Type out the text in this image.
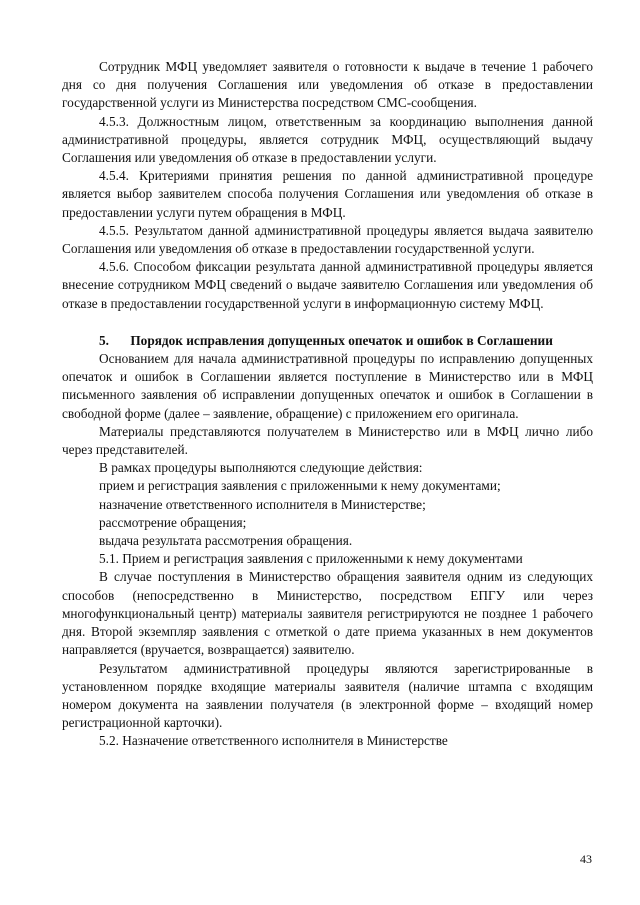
Сотрудник МФЦ уведомляет заявителя о готовности к выдаче в течение 1 рабочего дня со дня получения Соглашения или уведомления об отказе в предоставлении государственной услуги из Министерства посредством СМС-сообщения.

4.5.3. Должностным лицом, ответственным за координацию выполнения данной административной процедуры, является сотрудник МФЦ, осуществляющий выдачу Соглашения или уведомления об отказе в предоставлении услуги.

4.5.4. Критериями принятия решения по данной административной процедуре является выбор заявителем способа получения Соглашения или уведомления об отказе в предоставлении услуги путем обращения в МФЦ.

4.5.5. Результатом данной административной процедуры является выдача заявителю Соглашения или уведомления об отказе в предоставлении государственной услуги.

4.5.6. Способом фиксации результата данной административной процедуры является внесение сотрудником МФЦ сведений о выдаче заявителю Соглашения или уведомления об отказе в предоставлении государственной услуги в информационную систему МФЦ.

5. Порядок исправления допущенных опечаток и ошибок в Соглашении

Основанием для начала административной процедуры по исправлению допущенных опечаток и ошибок в Соглашении является поступление в Министерство или в МФЦ письменного заявления об исправлении допущенных опечаток и ошибок в Соглашении в свободной форме (далее – заявление, обращение) с приложением его оригинала.

Материалы представляются получателем в Министерство или в МФЦ лично либо через представителей.

В рамках процедуры выполняются следующие действия:

прием и регистрация заявления с приложенными к нему документами;

назначение ответственного исполнителя в Министерстве;

рассмотрение обращения;

выдача результата рассмотрения обращения.

5.1. Прием и регистрация заявления с приложенными к нему документами

В случае поступления в Министерство обращения заявителя одним из следующих способов (непосредственно в Министерство, посредством ЕПГУ или через многофункциональный центр) материалы заявителя регистрируются не позднее 1 рабочего дня. Второй экземпляр заявления с отметкой о дате приема указанных в нем документов направляется (вручается, возвращается) заявителю.

Результатом административной процедуры являются зарегистрированные в установленном порядке входящие материалы заявителя (наличие штампа с входящим номером документа на заявлении получателя (в электронной форме – входящий номер регистрационной карточки).

5.2. Назначение ответственного исполнителя в Министерстве

43
